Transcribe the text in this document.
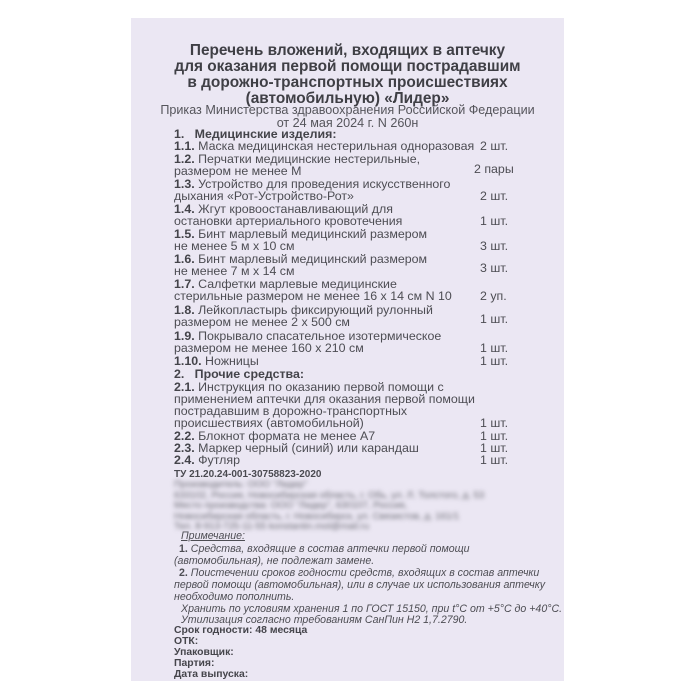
Перечень вложений, входящих в аптечку
для оказания первой помощи пострадавшим
в дорожно-транспортных происшествиях
(автомобильную) «Лидер»
Приказ Министерства здравоохранения Российской Федерации
от 24 мая 2024 г. N 260н
1. Медицинские изделия:
1.1. Маска медицинская нестерильная одноразовая 2 шт.
1.2. Перчатки медицинские нестерильные,
размером не менее М	2 пары
1.3. Устройство для проведения искусственного
дыхания «Рот-Устройство-Рот»	2 шт.
1.4. Жгут кровоостанавливающий для
остановки артериального кровотечения	1 шт.
1.5. Бинт марлевый медицинский размером
не менее 5 м х 10 см	3 шт.
1.6. Бинт марлевый медицинский размером
не менее 7 м х 14 см	3 шт.
1.7. Салфетки марлевые медицинские
стерильные размером не менее 16 х 14 см N 10 2 уп.
1.8. Лейкопластырь фиксирующий рулонный
размером не менее 2 х 500 см	1 шт.
1.9. Покрывало спасательное изотермическое
размером не менее 160 х 210 см	1 шт.
1.10. Ножницы	1 шт.
2. Прочие средства:
2.1. Инструкция по оказанию первой помощи с
применением аптечки для оказания первой помощи
пострадавшим в дорожно-транспортных
происшествиях (автомобильной)	1 шт.
2.2. Блокнот формата не менее А7	1 шт.
2.3. Маркер черный (синий) или карандаш	1 шт.
2.4. Футляр	1 шт.
ТУ 21.20.24-001-30758823-2020
Производитель: ООО "Лидер"
633102, Россия, Новосибирская область, г. Обь, ул. Л. Толстого, д. 53
Место производства: ООО "Лидер", 630107, Россия,
Новосибирская область, г. Новосибирск, ул. Связистов, д. 161/1
Тел. 8-913-725-11-55 konstantin.mol@mail.ru
Примечание:
1. Средства, входящие в состав аптечки первой помощи
(автомобильная), не подлежат замене.
2. Поистечении сроков годности средств, входящих в состав аптечки
первой помощи (автомобильная), или в случае их использования аптечку
необходимо пополнить.
Хранить по условиям хранения 1 по ГОСТ 15150, при t°С от +5°С до +40°С.
Утилизация согласно требованиям СанПин Н2 1,7.2790.
Срок годности: 48 месяца
ОТК:
Упаковщик:
Партия:
Дата выпуска:
